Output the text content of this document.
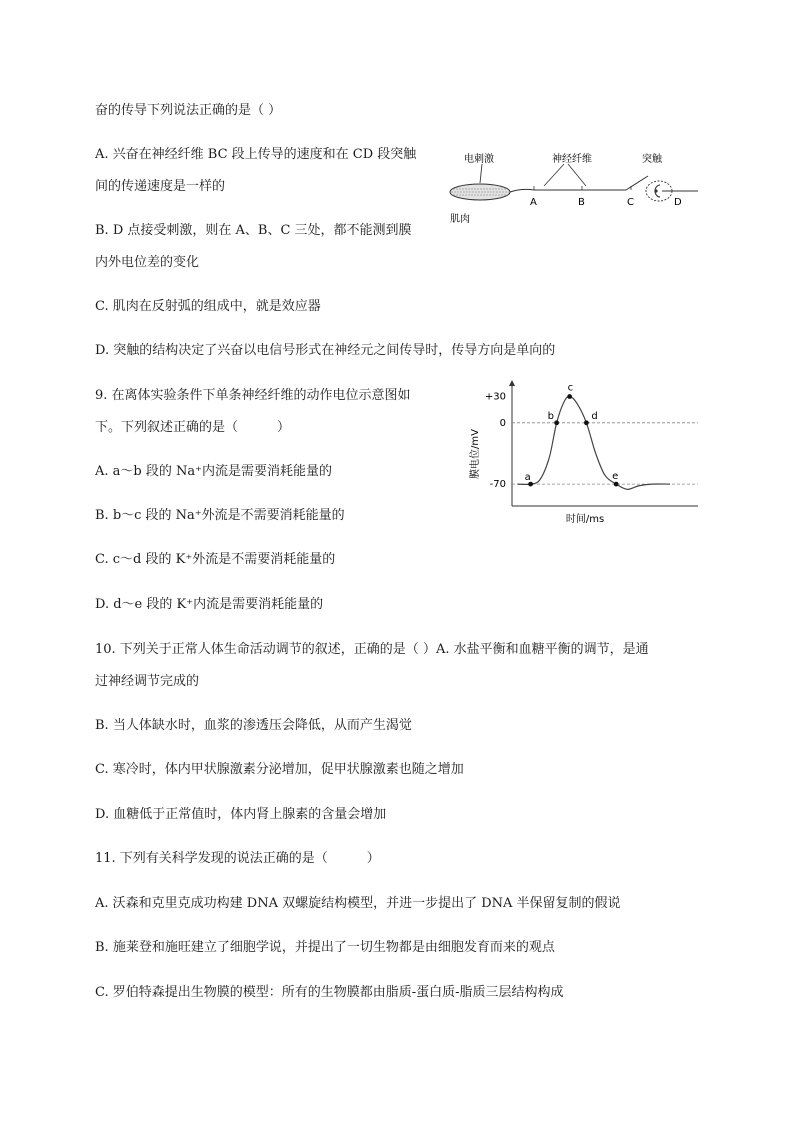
奋的传导下列说法正确的是（ ）
A. 兴奋在神经纤维 BC 段上传导的速度和在 CD 段突触
间的传递速度是一样的
B. D 点接受刺激，则在 A、B、C 三处，都不能测到膜
内外电位差的变化
C. 肌肉在反射弧的组成中，就是效应器
D. 突触的结构决定了兴奋以电信号形式在神经元之间传导时，传导方向是单向的
电刺激	神经纤维	突触
肌肉
A	B	C	D
9. 在离体实验条件下单条神经纤维的动作电位示意图如
下。下列叙述正确的是（　　　）
A. a～b 段的 Na⁺内流是需要消耗能量的
B. b～c 段的 Na⁺外流是不需要消耗能量的
C. c～d 段的 K⁺外流是不需要消耗能量的
D. d～e 段的 K⁺内流是需要消耗能量的
a
b
c
d
e
+30
0
-70
时间/ms
膜电位/mV
10. 下列关于正常人体生命活动调节的叙述，正确的是（ ）A. 水盐平衡和血糖平衡的调节，是通
过神经调节完成的
B. 当人体缺水时，血浆的渗透压会降低，从而产生渴觉
C. 寒冷时，体内甲状腺激素分泌增加，促甲状腺激素也随之增加
D. 血糖低于正常值时，体内肾上腺素的含量会增加
11. 下列有关科学发现的说法正确的是（　　　）
A. 沃森和克里克成功构建 DNA 双螺旋结构模型，并进一步提出了 DNA 半保留复制的假说
B. 施莱登和施旺建立了细胞学说，并提出了一切生物都是由细胞发育而来的观点
C. 罗伯特森提出生物膜的模型：所有的生物膜都由脂质-蛋白质-脂质三层结构构成
